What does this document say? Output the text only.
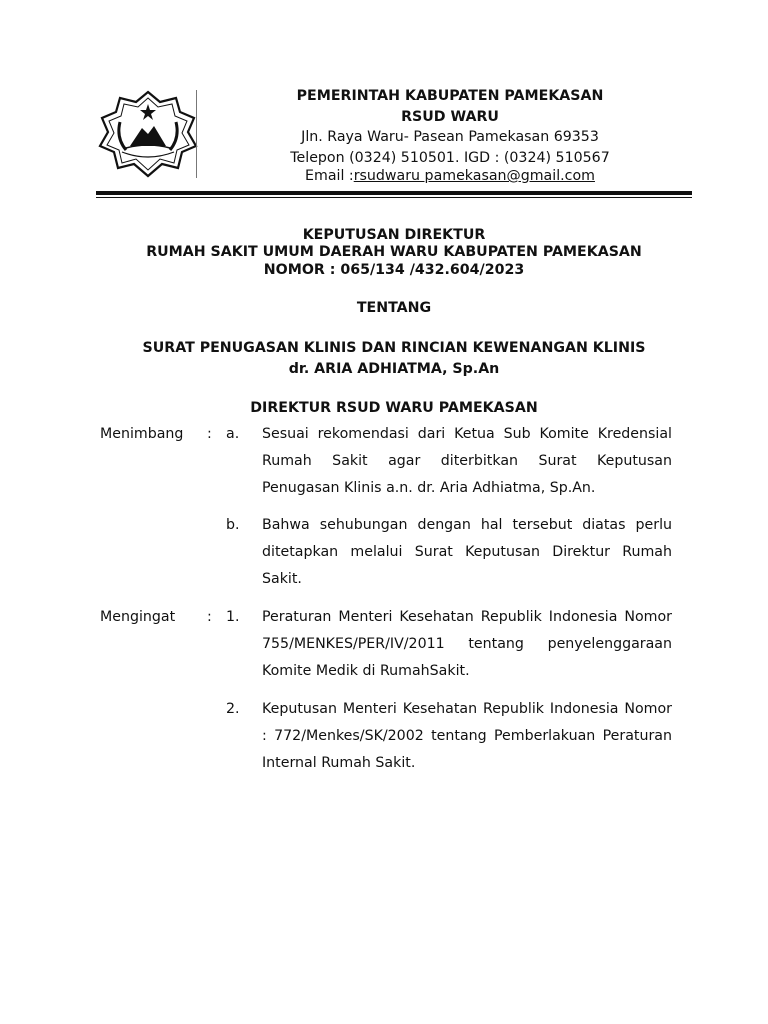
PEMERINTAH KABUPATEN PAMEKASAN
RSUD WARU
Jln. Raya Waru- Pasean Pamekasan 69353
Telepon (0324) 510501. IGD : (0324) 510567
Email :rsudwaru pamekasan@gmail.com
KEPUTUSAN DIREKTUR
RUMAH SAKIT UMUM DAERAH WARU KABUPATEN PAMEKASAN
NOMOR : 065/134 /432.604/2023
TENTANG
SURAT PENUGASAN KLINIS DAN RINCIAN KEWENANGAN KLINIS
dr. ARIA ADHIATMA, Sp.An
DIREKTUR RSUD WARU PAMEKASAN
Menimbang : a. Sesuai rekomendasi dari Ketua Sub Komite Kredensial Rumah Sakit agar diterbitkan Surat Keputusan Penugasan Klinis a.n. dr. Aria Adhiatma, Sp.An.
b. Bahwa sehubungan dengan hal tersebut diatas perlu ditetapkan melalui Surat Keputusan Direktur Rumah Sakit.
Mengingat : 1. Peraturan Menteri Kesehatan Republik Indonesia Nomor 755/MENKES/PER/IV/2011 tentang penyelenggaraan Komite Medik di RumahSakit.
2. Keputusan Menteri Kesehatan Republik Indonesia Nomor : 772/Menkes/SK/2002 tentang Pemberlakuan Peraturan Internal Rumah Sakit.
